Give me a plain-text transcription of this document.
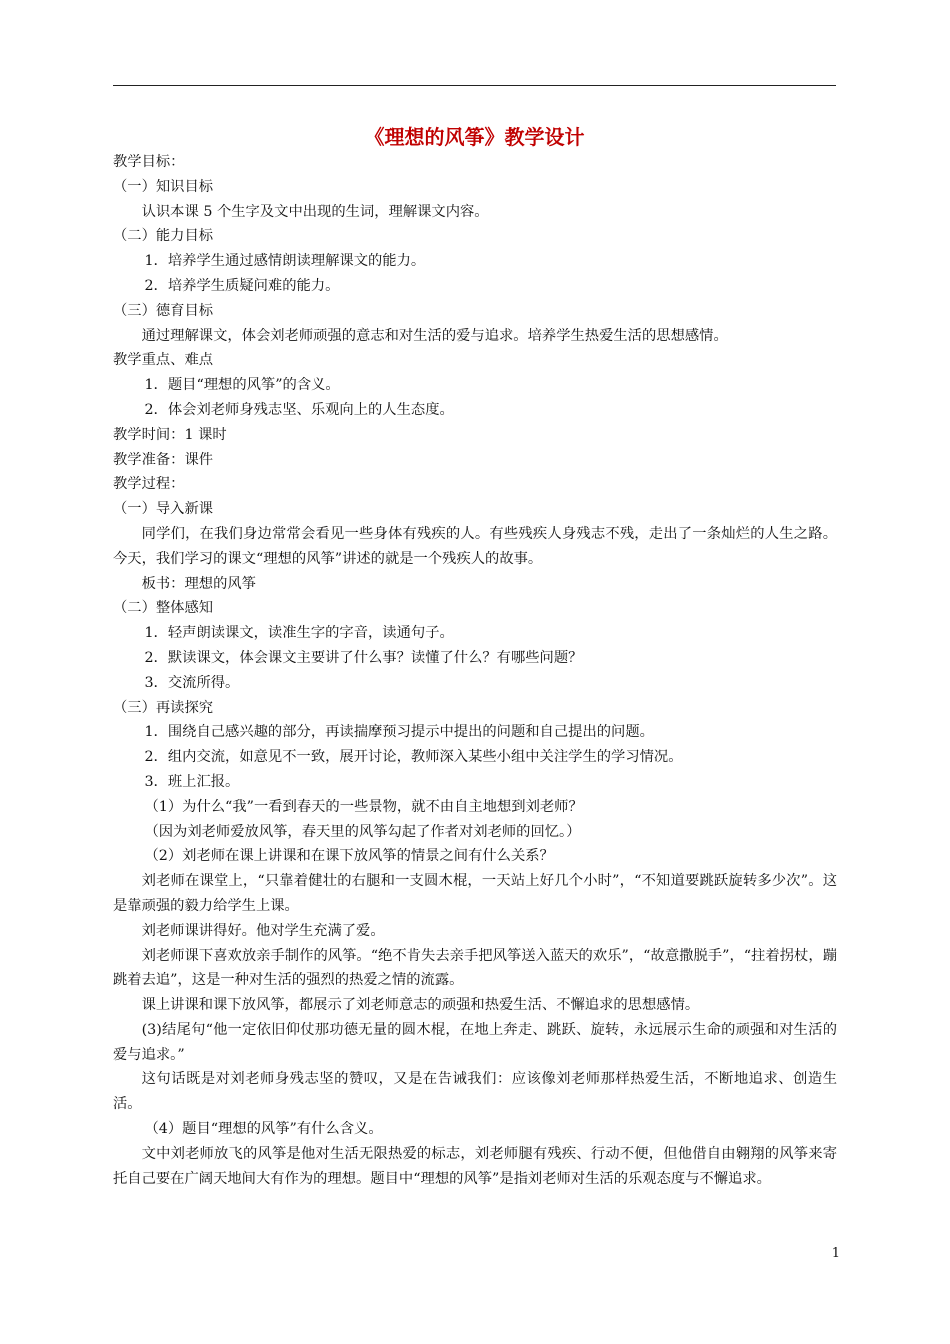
《理想的风筝》教学设计

教学目标：

（一）知识目标

认识本课 5 个生字及文中出现的生词，理解课文内容。

（二）能力目标

1．培养学生通过感情朗读理解课文的能力。

2．培养学生质疑问难的能力。

（三）德育目标

通过理解课文，体会刘老师顽强的意志和对生活的爱与追求。培养学生热爱生活的思想感情。

教学重点、难点

1．题目“理想的风筝”的含义。

2．体会刘老师身残志坚、乐观向上的人生态度。

教学时间：1 课时

教学准备：课件

教学过程：

（一）导入新课

同学们，在我们身边常常会看见一些身体有残疾的人。有些残疾人身残志不残，走出了一条灿烂的人生之路。今天，我们学习的课文“理想的风筝”讲述的就是一个残疾人的故事。

板书：理想的风筝

（二）整体感知

1．轻声朗读课文，读准生字的字音，读通句子。

2．默读课文，体会课文主要讲了什么事？读懂了什么？有哪些问题？

3．交流所得。

（三）再读探究

1．围绕自己感兴趣的部分，再读揣摩预习提示中提出的问题和自己提出的问题。

2．组内交流，如意见不一致，展开讨论，教师深入某些小组中关注学生的学习情况。

3．班上汇报。

（1）为什么“我”一看到春天的一些景物，就不由自主地想到刘老师？

（因为刘老师爱放风筝，春天里的风筝勾起了作者对刘老师的回忆。）

（2）刘老师在课上讲课和在课下放风筝的情景之间有什么关系？

刘老师在课堂上，“只靠着健壮的右腿和一支圆木棍，一天站上好几个小时”，“不知道要跳跃旋转多少次”。这是靠顽强的毅力给学生上课。

刘老师课讲得好。他对学生充满了爱。

刘老师课下喜欢放亲手制作的风筝。“绝不肯失去亲手把风筝送入蓝天的欢乐”，“故意撒脱手”，“拄着拐杖，蹦跳着去追”，这是一种对生活的强烈的热爱之情的流露。

课上讲课和课下放风筝，都展示了刘老师意志的顽强和热爱生活、不懈追求的思想感情。

(3)结尾句“他一定依旧仰仗那功德无量的圆木棍，在地上奔走、跳跃、旋转，永远展示生命的顽强和对生活的爱与追求。”

这句话既是对刘老师身残志坚的赞叹，又是在告诫我们：应该像刘老师那样热爱生活，不断地追求、创造生活。

（4）题目“理想的风筝”有什么含义。

文中刘老师放飞的风筝是他对生活无限热爱的标志，刘老师腿有残疾、行动不便，但他借自由翱翔的风筝来寄托自己要在广阔天地间大有作为的理想。题目中“理想的风筝”是指刘老师对生活的乐观态度与不懈追求。

1
